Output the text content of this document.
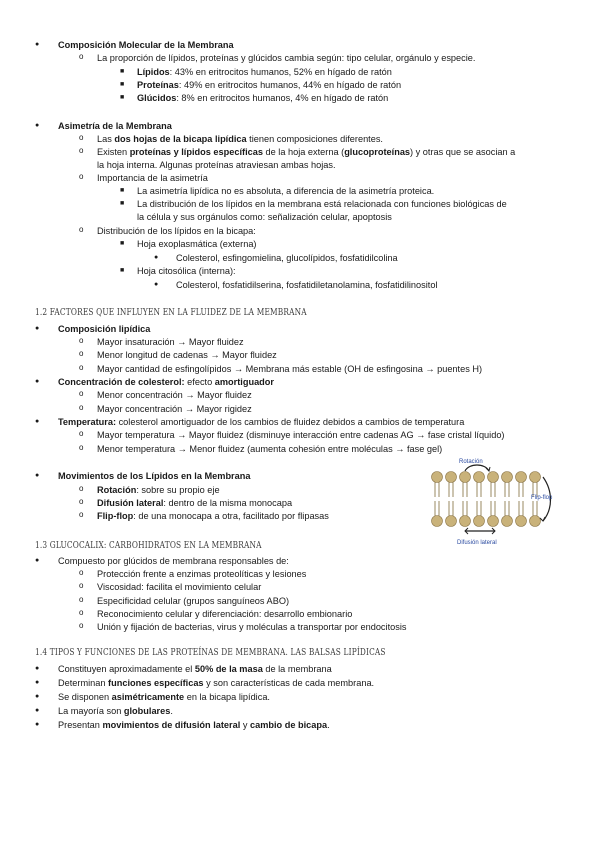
● Composición Molecular de la Membrana
o La proporción de lípidos, proteínas y glúcidos cambia según: tipo celular, orgánulo y especie.
■ Lípidos: 43% en eritrocitos humanos, 52% en hígado de ratón
■ Proteínas: 49% en eritrocitos humanos, 44% en hígado de ratón
■ Glúcidos: 8% en eritrocitos humanos, 4% en hígado de ratón
● Asimetría de la Membrana
o Las dos hojas de la bicapa lipídica tienen composiciones diferentes.
o Existen proteínas y lípidos específicas de la hoja externa (glucoproteínas) y otras que se asocian a
la hoja interna. Algunas proteínas atraviesan ambas hojas.
o Importancia de la asimetría
■ La asimetría lipídica no es absoluta, a diferencia de la asimetría proteica.
■ La distribución de los lípidos en la membrana está relacionada con funciones biológicas de
la célula y sus orgánulos como: señalización celular, apoptosis
o Distribución de los lípidos en la bicapa:
■ Hoja exoplasmática (externa)
● Colesterol, esfingomielina, glucolípidos, fosfatidilcolina
■ Hoja citosólica (interna):
● Colesterol, fosfatidilserina, fosfatidiletanolamina, fosfatidilinositol
1.2 FACTORES QUE INFLUYEN EN LA FLUIDEZ DE LA MEMBRANA
● Composición lipídica
o Mayor insaturación → Mayor fluidez
o Menor longitud de cadenas → Mayor fluidez
o Mayor cantidad de esfingolípidos → Membrana más estable (OH de esfingosina → puentes H)
● Concentración de colesterol: efecto amortiguador
o Menor concentración → Mayor fluidez
o Mayor concentración → Mayor rigidez
● Temperatura: colesterol amortiguador de los cambios de fluidez debidos a cambios de temperatura
o Mayor temperatura → Mayor fluidez (disminuye interacción entre cadenas AG → fase cristal líquido)
o Menor temperatura → Menor fluidez (aumenta cohesión entre moléculas → fase gel)
● Movimientos de los Lípidos en la Membrana
o Rotación: sobre su propio eje
o Difusión lateral: dentro de la misma monocapa
o Flip-flop: de una monocapa a otra, facilitado por flipasas
Rotación
Flip-flop
Difusión lateral
1.3 GLUCOCALIX: CARBOHIDRATOS EN LA MEMBRANA
● Compuesto por glúcidos de membrana responsables de:
o Protección frente a enzimas proteolíticas y lesiones
o Viscosidad: facilita el movimiento celular
o Especificidad celular (grupos sanguíneos ABO)
o Reconocimiento celular y diferenciación: desarrollo embionario
o Unión y fijación de bacterias, virus y moléculas a transportar por endocitosis
1.4 TIPOS Y FUNCIONES DE LAS PROTEÍNAS DE MEMBRANA. LAS BALSAS LIPÍDICAS
● Constituyen aproximadamente el 50% de la masa de la membrana
● Determinan funciones específicas y son características de cada membrana.
● Se disponen asimétricamente en la bicapa lipídica.
● La mayoría son globulares.
● Presentan movimientos de difusión lateral y cambio de bicapa.
